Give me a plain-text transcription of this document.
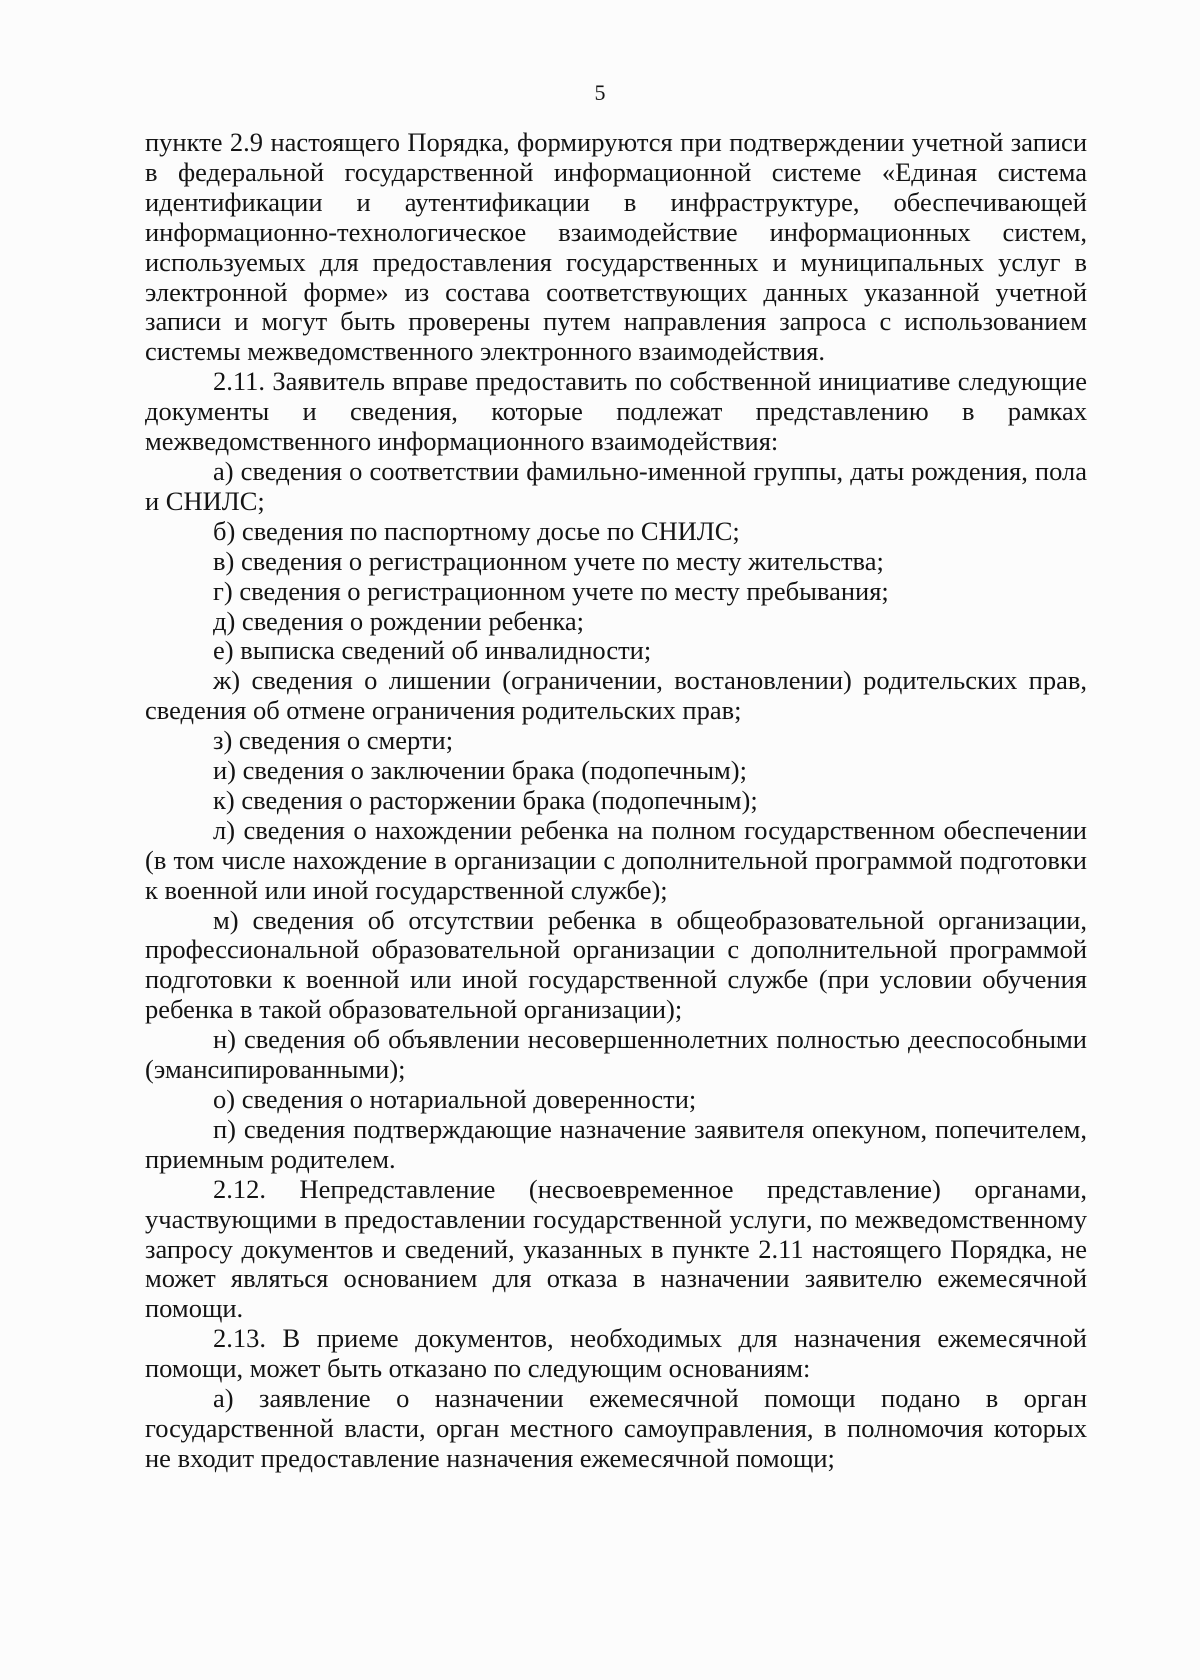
5

пункте 2.9 настоящего Порядка, формируются при подтверждении учетной записи в федеральной государственной информационной системе «Единая система идентификации и аутентификации в инфраструктуре, обеспечивающей информационно-технологическое взаимодействие информационных систем, используемых для предоставления государственных и муниципальных услуг в электронной форме» из состава соответствующих данных указанной учетной записи и могут быть проверены путем направления запроса с использованием системы межведомственного электронного взаимодействия.

2.11. Заявитель вправе предоставить по собственной инициативе следующие документы и сведения, которые подлежат представлению в рамках межведомственного информационного взаимодействия:

а) сведения о соответствии фамильно-именной группы, даты рождения, пола и СНИЛС;

б) сведения по паспортному досье по СНИЛС;

в) сведения о регистрационном учете по месту жительства;

г) сведения о регистрационном учете по месту пребывания;

д) сведения о рождении ребенка;

е) выписка сведений об инвалидности;

ж) сведения о лишении (ограничении, востановлении) родительских прав, сведения об отмене ограничения родительских прав;

з) сведения о смерти;

и) сведения о заключении брака (подопечным);

к) сведения о расторжении брака (подопечным);

л) сведения о нахождении ребенка на полном государственном обеспечении (в том числе нахождение в организации с дополнительной программой подготовки к военной или иной государственной службе);

м) сведения об отсутствии ребенка в общеобразовательной организации, профессиональной образовательной организации с дополнительной программой подготовки к военной или иной государственной службе (при условии обучения ребенка в такой образовательной организации);

н) сведения об объявлении несовершеннолетних полностью дееспособными (эмансипированными);

о) сведения о нотариальной доверенности;

п) сведения подтверждающие назначение заявителя опекуном, попечителем, приемным родителем.

2.12. Непредставление (несвоевременное представление) органами, участвующими в предоставлении государственной услуги, по межведомственному запросу документов и сведений, указанных в пункте 2.11 настоящего Порядка, не может являться основанием для отказа в назначении заявителю ежемесячной помощи.

2.13. В приеме документов, необходимых для назначения ежемесячной помощи, может быть отказано по следующим основаниям:

а) заявление о назначении ежемесячной помощи подано в орган государственной власти, орган местного самоуправления, в полномочия которых не входит предоставление назначения ежемесячной помощи;
